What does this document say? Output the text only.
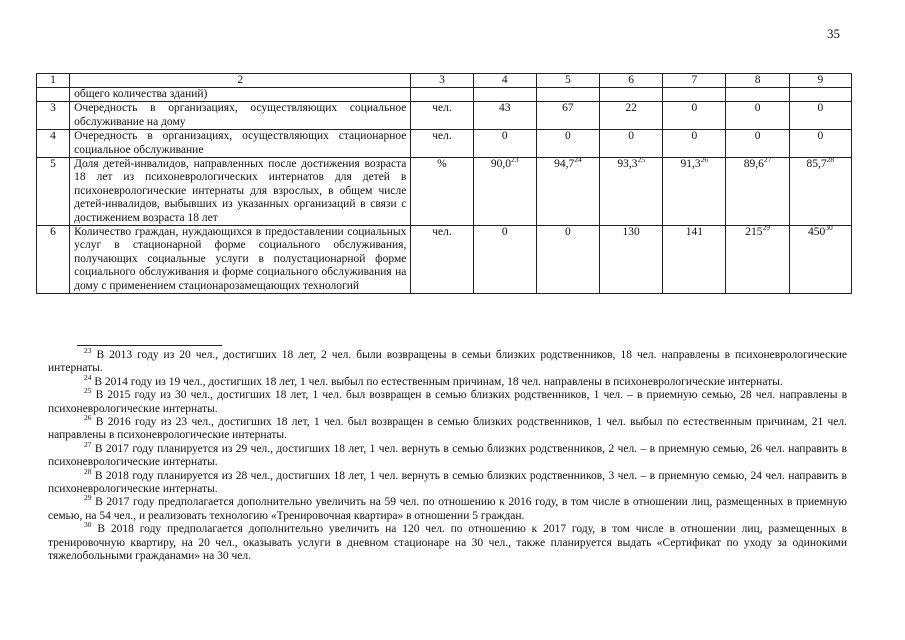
35
1	2	3	4	5	6	7	8	9
	общего количества зданий)							
3	Очередность в организациях, осуществляющих социальное обслуживание на дому	чел.	43	67	22	0	0	0
4	Очередность в организациях, осуществляющих стационарное социальное обслуживание	чел.	0	0	0	0	0	0
5	Доля детей-инвалидов, направленных после достижения возраста 18 лет из психоневрологических интернатов для детей в психоневрологические интернаты для взрослых, в общем числе детей-инвалидов, выбывших из указанных организаций в связи с достижением возраста 18 лет	%	90,0$^{23}$	94,7$^{24}$	93,3$^{25}$	91,3$^{26}$	89,6$^{27}$	85,7$^{28}$
6	Количество граждан, нуждающихся в предоставлении социальных услуг в стационарной форме социального обслуживания, получающих социальные услуги в полустационарной форме социального обслуживания и форме социального обслуживания на дому с применением стационарозамещающих технологий	чел.	0	0	130	141	$215^{29}$	$450^{30}$

$^{23}$ В 2013 году из 20 чел., достигших 18 лет, 2 чел. были возвращены в семьи близких родственников, 18 чел. направлены в психоневрологические интернаты.

$^{24}$ В 2014 году из 19 чел., достигших 18 лет, 1 чел. выбыл по естественным причинам, 18 чел. направлены в психоневрологические интернаты.

$^{25}$ В 2015 году из 30 чел., достигших 18 лет, 1 чел. был возвращен в семью близких родственников, 1 чел. – в приемную семью, 28 чел. направлены в психоневрологические интернаты.

$^{26}$ В 2016 году из 23 чел., достигших 18 лет, 1 чел. был возвращен в семью близких родственников, 1 чел. выбыл по естественным причинам, 21 чел. направлены в психоневрологические интернаты.

$^{27}$ В 2017 году планируется из 29 чел., достигших 18 лет, 1 чел. вернуть в семью близких родственников, 2 чел. – в приемную семью, 26 чел. направить в психоневрологические интернаты.

$^{28}$ В 2018 году планируется из 28 чел., достигших 18 лет, 1 чел. вернуть в семью близких родственников, 3 чел. – в приемную семью, 24 чел. направить в психоневрологические интернаты.

$^{29}$ В 2017 году предполагается дополнительно увеличить на 59 чел. по отношению к 2016 году, в том числе в отношении лиц, размещенных в приемную семью, на 54 чел., и реализовать технологию «Тренировочная квартира» в отношении 5 граждан.

$^{30}$ В 2018 году предполагается дополнительно увеличить на 120 чел. по отношению к 2017 году, в том числе в отношении лиц, размещенных в тренировочную квартиру, на 20 чел., оказывать услуги в дневном стационаре на 30 чел., также планируется выдать «Сертификат по уходу за одинокими тяжелобольными гражданами» на 30 чел.
